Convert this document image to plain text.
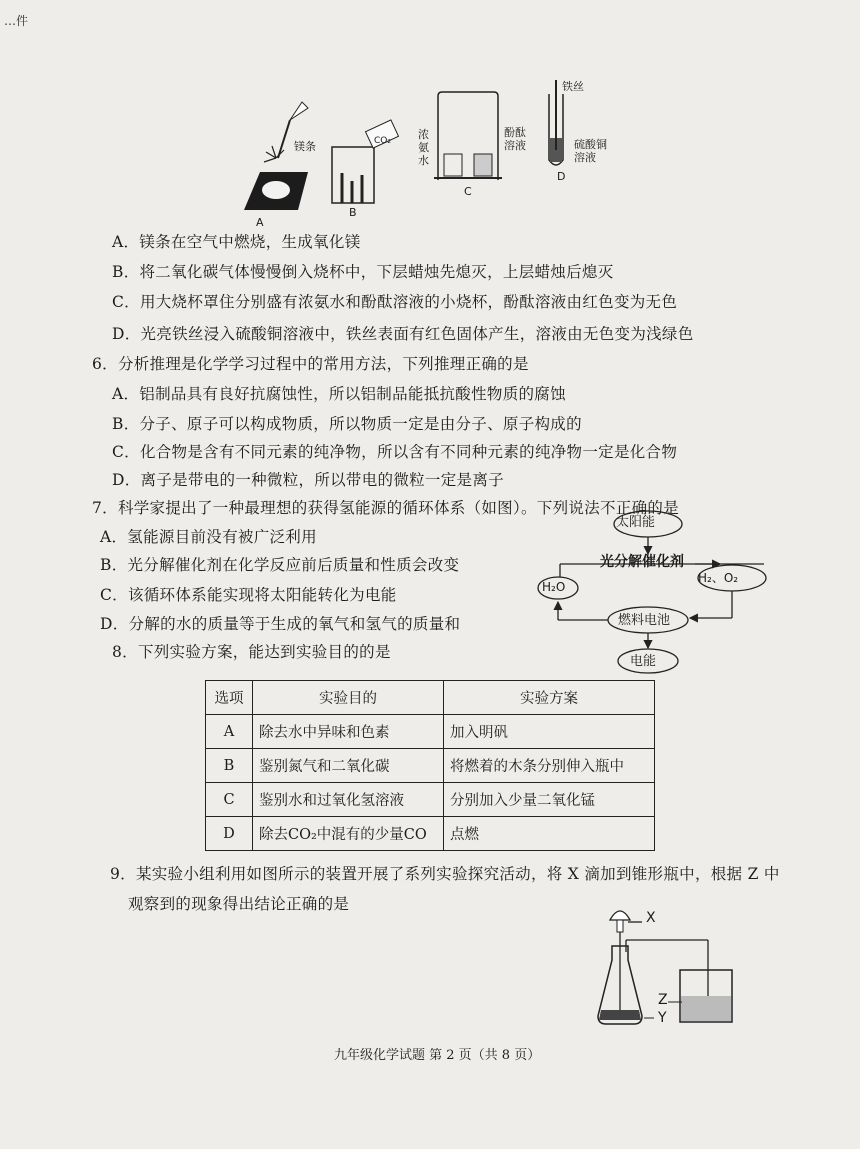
…件
镁条
A
CO₂
B
浓氨水
酚酞溶液
C
铁丝
硫酸铜溶液
D
A．镁条在空气中燃烧，生成氧化镁
B．将二氧化碳气体慢慢倒入烧杯中，下层蜡烛先熄灭，上层蜡烛后熄灭
C．用大烧杯罩住分别盛有浓氨水和酚酞溶液的小烧杯，酚酞溶液由红色变为无色
D．光亮铁丝浸入硫酸铜溶液中，铁丝表面有红色固体产生，溶液由无色变为浅绿色
6．分析推理是化学学习过程中的常用方法，下列推理正确的是
A．铝制品具有良好抗腐蚀性，所以铝制品能抵抗酸性物质的腐蚀
B．分子、原子可以构成物质，所以物质一定是由分子、原子构成的
C．化合物是含有不同元素的纯净物，所以含有不同种元素的纯净物一定是化合物
D．离子是带电的一种微粒，所以带电的微粒一定是离子
7．科学家提出了一种最理想的获得氢能源的循环体系（如图）。下列说法不正确的是
A．氢能源目前没有被广泛利用
B．光分解催化剂在化学反应前后质量和性质会改变
C．该循环体系能实现将太阳能转化为电能
D．分解的水的质量等于生成的氧气和氢气的质量和
太阳能
光分解催化剂
H₂O
H₂、O₂
燃料电池
电能
8．下列实验方案，能达到实验目的的是
选项	实验目的	实验方案
A	除去水中异味和色素	加入明矾
B	鉴别氮气和二氧化碳	将燃着的木条分别伸入瓶中
C	鉴别水和过氧化氢溶液	分别加入少量二氧化锰
D	除去CO₂中混有的少量CO	点燃
9．某实验小组利用如图所示的装置开展了系列实验探究活动，将 X 滴加到锥形瓶中，根据 Z 中
观察到的现象得出结论正确的是
X
Z
Y
九年级化学试题 第 2 页（共 8 页）
